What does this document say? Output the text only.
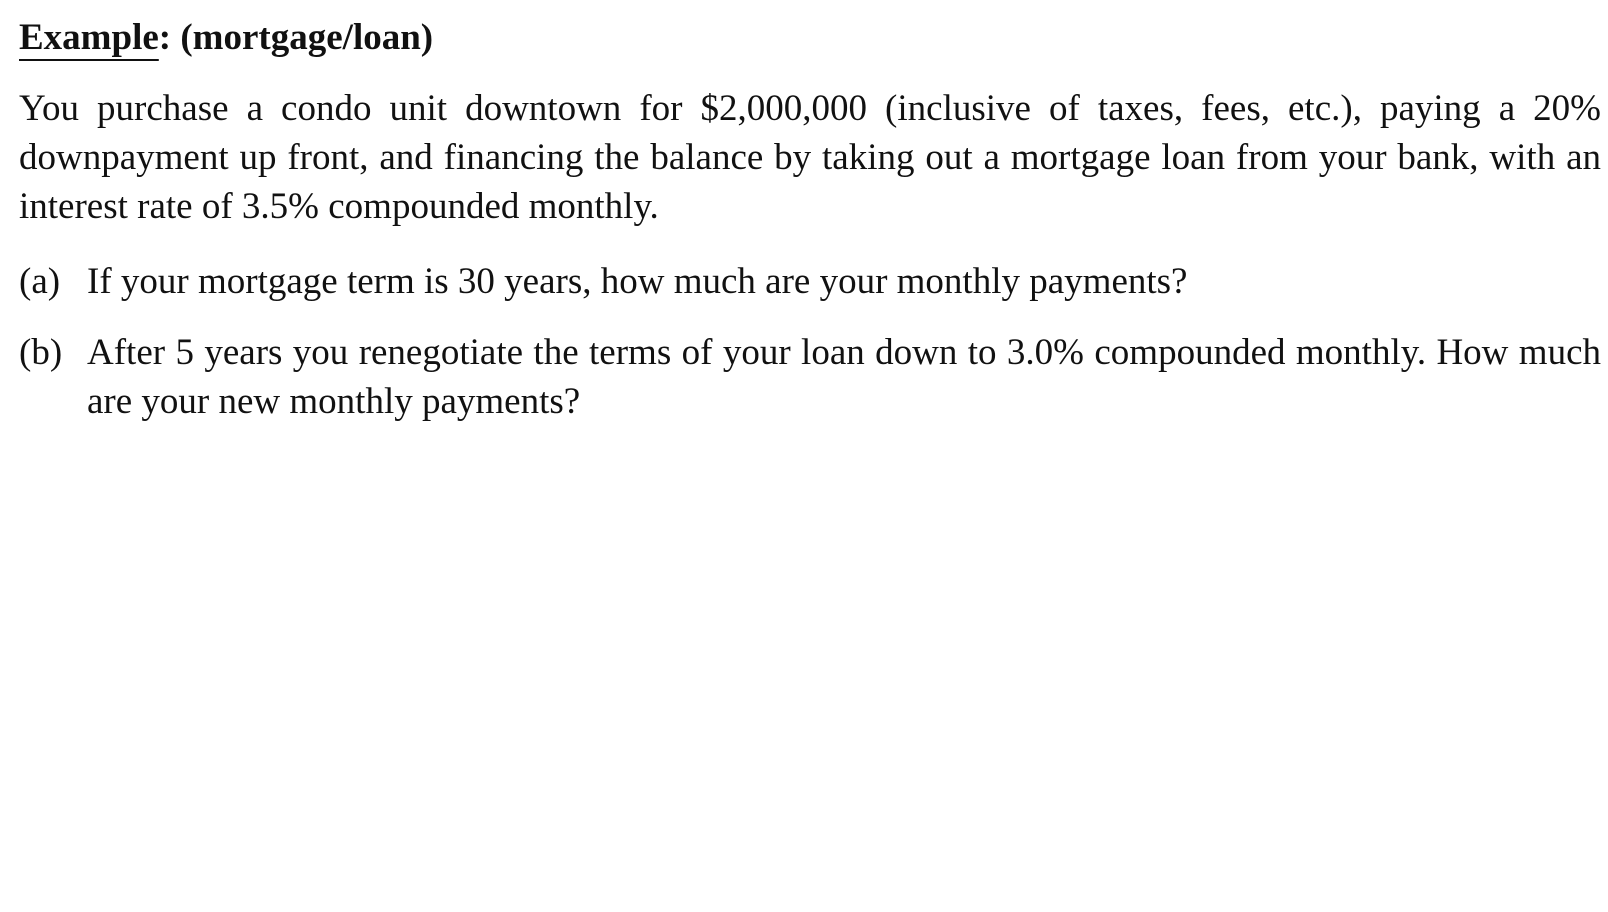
Example: (mortgage/loan)

You purchase a condo unit downtown for $2,000,000 (inclusive of taxes, fees, etc.), paying a 20% downpayment up front, and financing the balance by taking out a mortgage loan from your bank, with an interest rate of 3.5% compounded monthly.

(a) If your mortgage term is 30 years, how much are your monthly payments?
(b) After 5 years you renegotiate the terms of your loan down to 3.0% compounded monthly. How much are your new monthly payments?
